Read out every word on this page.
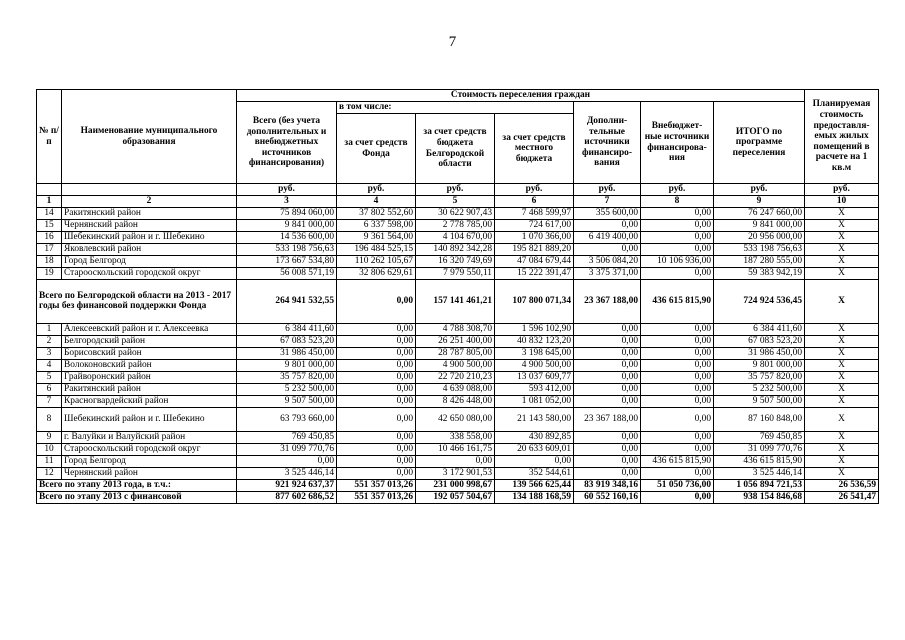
7
№ п/п	Наименование муниципального образования	Стоимость переселения граждан							Планируемая стоимость предоставля- емых жилых помещений в расчете на 1 кв.м
		Всего (без учета дополнительных и внебюджетных источников финансирования)	в том числе:			Дополни- тельные источники финансиро- вания	Внебюджет- ные источники финансирова- ния	ИТОГО по программе переселения	
			за счет средств Фонда	за счет средств бюджета Белгородской области	за счет средств местного бюджета				
		руб.	руб.	руб.	руб.	руб.	руб.	руб.	руб.
1	2	3	4	5	6	7	8	9	10
14	Ракитянский район	75 894 060,00	37 802 552,60	30 622 907,43	7 468 599,97	355 600,00	0,00	76 247 660,00	Х
15	Чернянский район	9 841 000,00	6 337 598,00	2 778 785,00	724 617,00	0,00	0,00	9 841 000,00	Х
16	Шебекинский район и г. Шебекино	14 536 600,00	9 361 564,00	4 104 670,00	1 070 366,00	6 419 400,00	0,00	20 956 000,00	Х
17	Яковлевский район	533 198 756,63	196 484 525,15	140 892 342,28	195 821 889,20	0,00	0,00	533 198 756,63	Х
18	Город Белгород	173 667 534,80	110 262 105,67	16 320 749,69	47 084 679,44	3 506 084,20	10 106 936,00	187 280 555,00	Х
19	Старооскольский городской округ	56 008 571,19	32 806 629,61	7 979 550,11	15 222 391,47	3 375 371,00	0,00	59 383 942,19	Х
Всего по Белгородской области на 2013 - 2017 годы без финансовой поддержки Фонда		264 941 532,55	0,00	157 141 461,21	107 800 071,34	23 367 188,00	436 615 815,90	724 924 536,45	Х
1	Алексеевский район и г. Алексеевка	6 384 411,60	0,00	4 788 308,70	1 596 102,90	0,00	0,00	6 384 411,60	Х
2	Белгородский район	67 083 523,20	0,00	26 251 400,00	40 832 123,20	0,00	0,00	67 083 523,20	Х
3	Борисовский район	31 986 450,00	0,00	28 787 805,00	3 198 645,00	0,00	0,00	31 986 450,00	Х
4	Волоконовский район	9 801 000,00	0,00	4 900 500,00	4 900 500,00	0,00	0,00	9 801 000,00	Х
5	Грайворонский район	35 757 820,00	0,00	22 720 210,23	13 037 609,77	0,00	0,00	35 757 820,00	Х
6	Ракитянский район	5 232 500,00	0,00	4 639 088,00	593 412,00	0,00	0,00	5 232 500,00	Х
7	Красногвардейский район	9 507 500,00	0,00	8 426 448,00	1 081 052,00	0,00	0,00	9 507 500,00	Х
8	Шебекинский район и г. Шебекино	63 793 660,00	0,00	42 650 080,00	21 143 580,00	23 367 188,00	0,00	87 160 848,00	Х
9	г. Валуйки и Валуйский район	769 450,85	0,00	338 558,00	430 892,85	0,00	0,00	769 450,85	Х
10	Старооскольский городской округ	31 099 770,76	0,00	10 466 161,75	20 633 609,01	0,00	0,00	31 099 770,76	Х
11	Город Белгород	0,00	0,00	0,00	0,00	0,00	436 615 815,90	436 615 815,90	Х
12	Чернянский район	3 525 446,14	0,00	3 172 901,53	352 544,61	0,00	0,00	3 525 446,14	Х
Всего по этапу 2013 года, в т.ч.:		921 924 637,37	551 357 013,26	231 000 998,67	139 566 625,44	83 919 348,16	51 050 736,00	1 056 894 721,53	26 536,59
Всего по этапу 2013 с финансовой		877 602 686,52	551 357 013,26	192 057 504,67	134 188 168,59	60 552 160,16	0,00	938 154 846,68	26 541,47
